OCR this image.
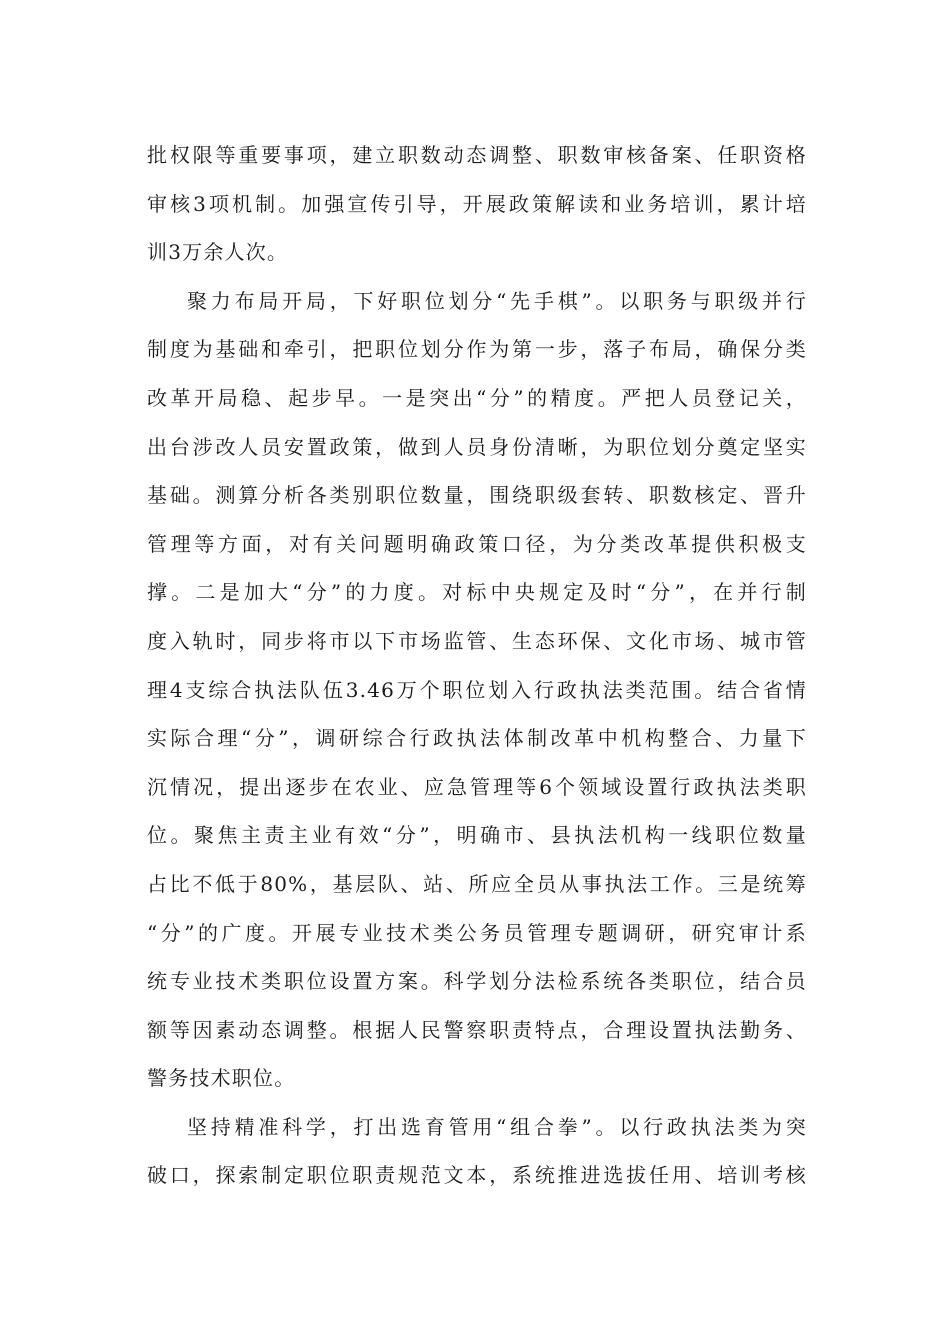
批权限等重要事项，建立职数动态调整、职数审核备案、任职资格
审核3项机制。加强宣传引导，开展政策解读和业务培训，累计培
训3万余人次。
聚力布局开局，下好职位划分“先手棋”。以职务与职级并行
制度为基础和牵引，把职位划分作为第一步，落子布局，确保分类
改革开局稳、起步早。一是突出“分”的精度。严把人员登记关，
出台涉改人员安置政策，做到人员身份清晰，为职位划分奠定坚实
基础。测算分析各类别职位数量，围绕职级套转、职数核定、晋升
管理等方面，对有关问题明确政策口径，为分类改革提供积极支
撑。二是加大“分”的力度。对标中央规定及时“分”，在并行制
度入轨时，同步将市以下市场监管、生态环保、文化市场、城市管
理4支综合执法队伍3.46万个职位划入行政执法类范围。结合省情
实际合理“分”，调研综合行政执法体制改革中机构整合、力量下
沉情况，提出逐步在农业、应急管理等6个领域设置行政执法类职
位。聚焦主责主业有效“分”，明确市、县执法机构一线职位数量
占比不低于80%，基层队、站、所应全员从事执法工作。三是统筹
“分”的广度。开展专业技术类公务员管理专题调研，研究审计系
统专业技术类职位设置方案。科学划分法检系统各类职位，结合员
额等因素动态调整。根据人民警察职责特点，合理设置执法勤务、
警务技术职位。
坚持精准科学，打出选育管用“组合拳”。以行政执法类为突
破口，探索制定职位职责规范文本，系统推进选拔任用、培训考核
